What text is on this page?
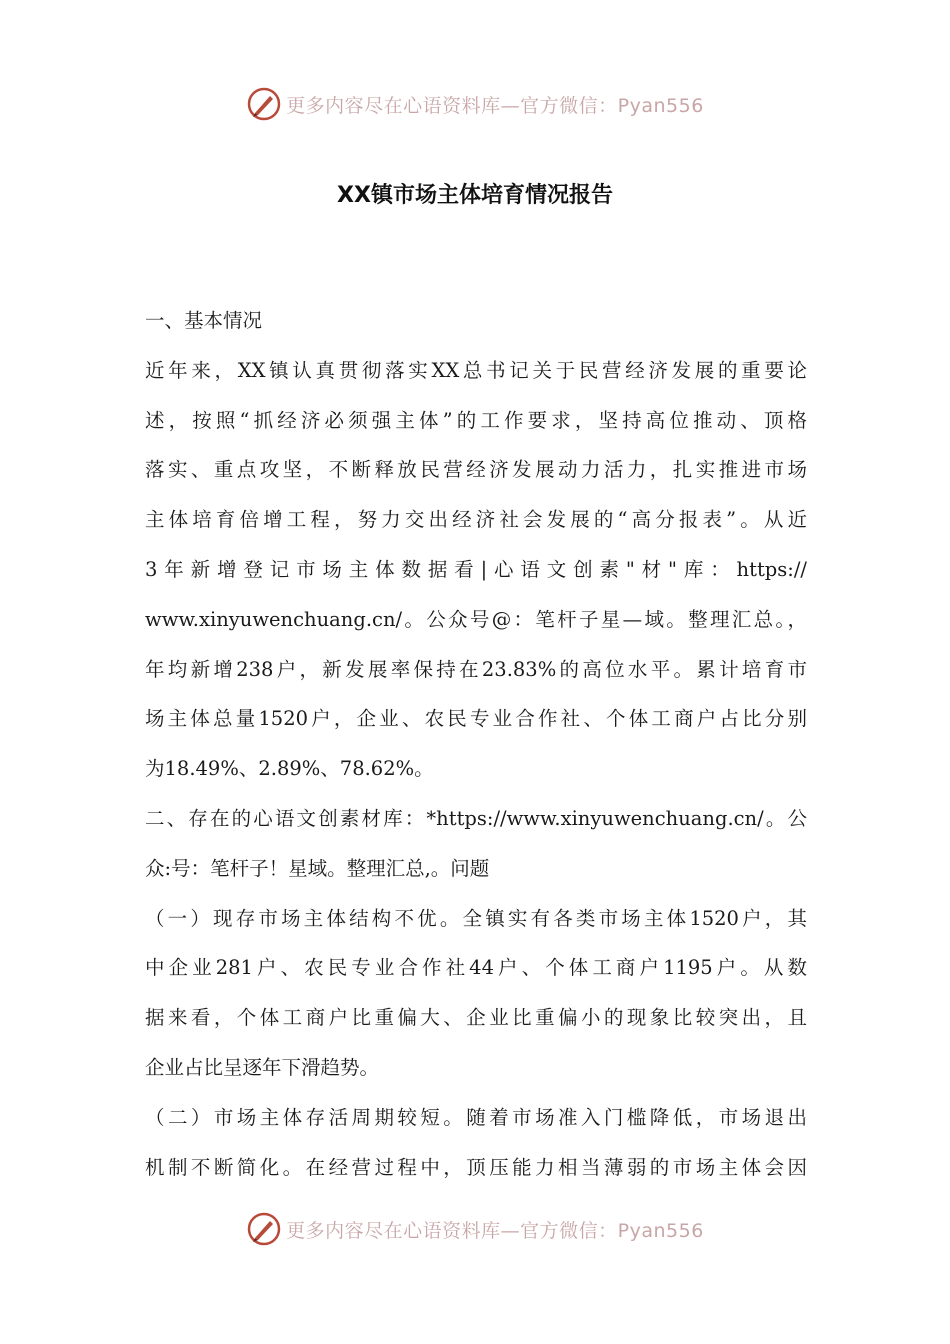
更多内容尽在心语资料库—官方微信：Pyan556
XX镇市场主体培育情况报告
一、基本情况
近年来，XX镇认真贯彻落实XX总书记关于民营经济发展的重要论
述，按照“抓经济必须强主体”的工作要求，坚持高位推动、顶格
落实、重点攻坚，不断释放民营经济发展动力活力，扎实推进市场
主体培育倍增工程，努力交出经济社会发展的“高分报表”。从近
3年新增登记市场主体数据看|心语文创素"材"库：https://
www.xinyuwenchuang.cn/。公众号@：笔杆子星—域。整理汇总。，
年均新增238户，新发展率保持在23.83%的高位水平。累计培育市
场主体总量1520户，企业、农民专业合作社、个体工商户占比分别
为18.49%、2.89%、78.62%。
二、存在的心语文创素材库：*https://www.xinyuwenchuang.cn/。公
众:号：笔杆子！星域。整理汇总,。问题
（一）现存市场主体结构不优。全镇实有各类市场主体1520户，其
中企业281户、农民专业合作社44户、个体工商户1195户。从数
据来看，个体工商户比重偏大、企业比重偏小的现象比较突出，且
企业占比呈逐年下滑趋势。
（二）市场主体存活周期较短。随着市场准入门槛降低，市场退出
机制不断简化。在经营过程中，顶压能力相当薄弱的市场主体会因
更多内容尽在心语资料库—官方微信：Pyan556
